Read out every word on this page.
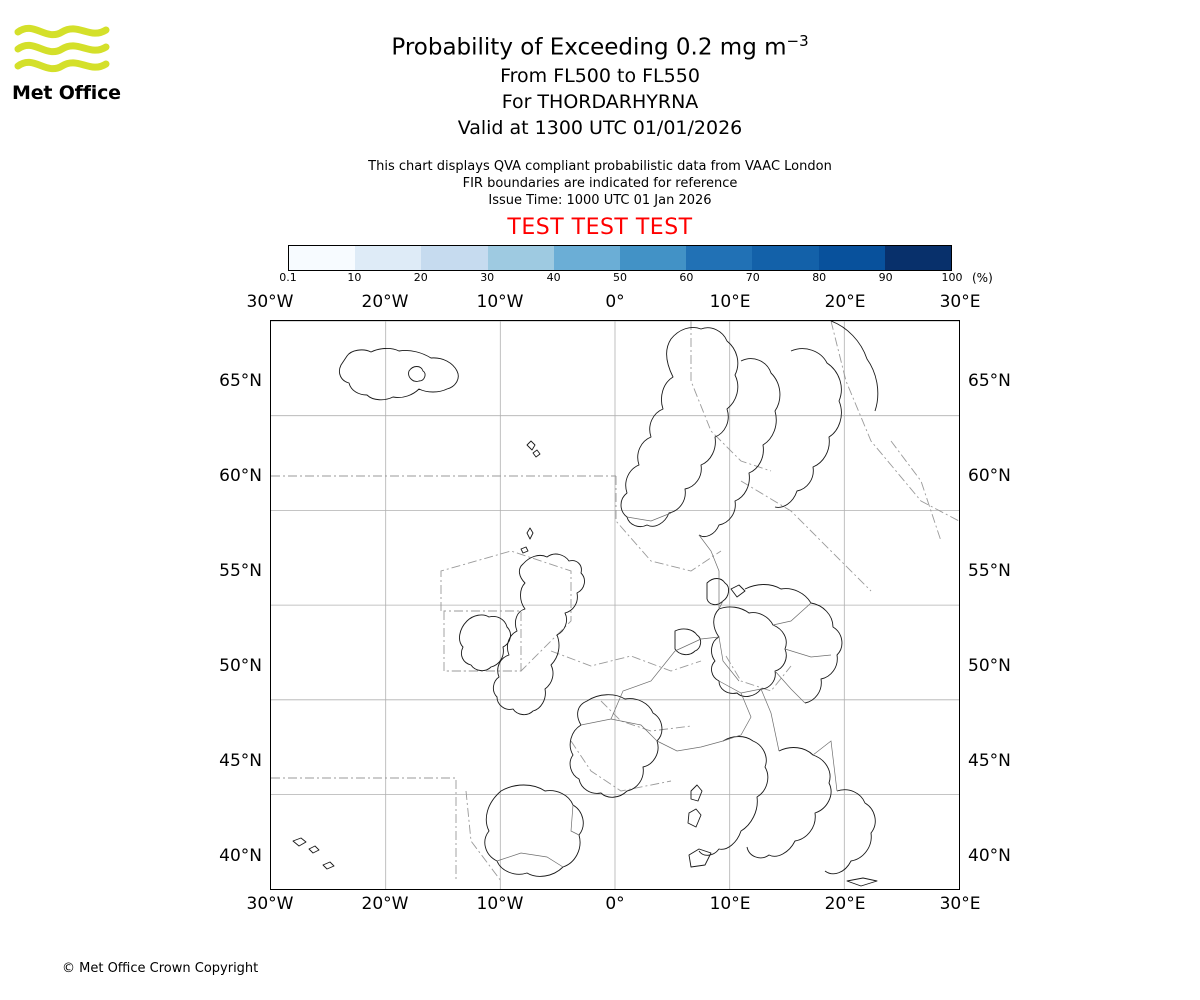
Met Office
Probability of Exceeding 0.2 mg $m^{-3}$
From FL500 to FL550
For THORDARHYRNA
Valid at 1300 UTC 01/01/2026
This chart displays QVA compliant probabilistic data from VAAC London
FIR boundaries are indicated for reference
Issue Time: 1000 UTC 01 Jan 2026
TEST TEST TEST
0.1	10	20	30	40	50	60	70	80	90	100 (%)
30°W	20°W	10°W	0°	10°E	20°E	30°E
30°W	20°W	10°W	0°	10°E	20°E	30°E
40°N
45°N
50°N
55°N
60°N
65°N
40°N
45°N
50°N
55°N
60°N
65°N
© Met Office Crown Copyright
